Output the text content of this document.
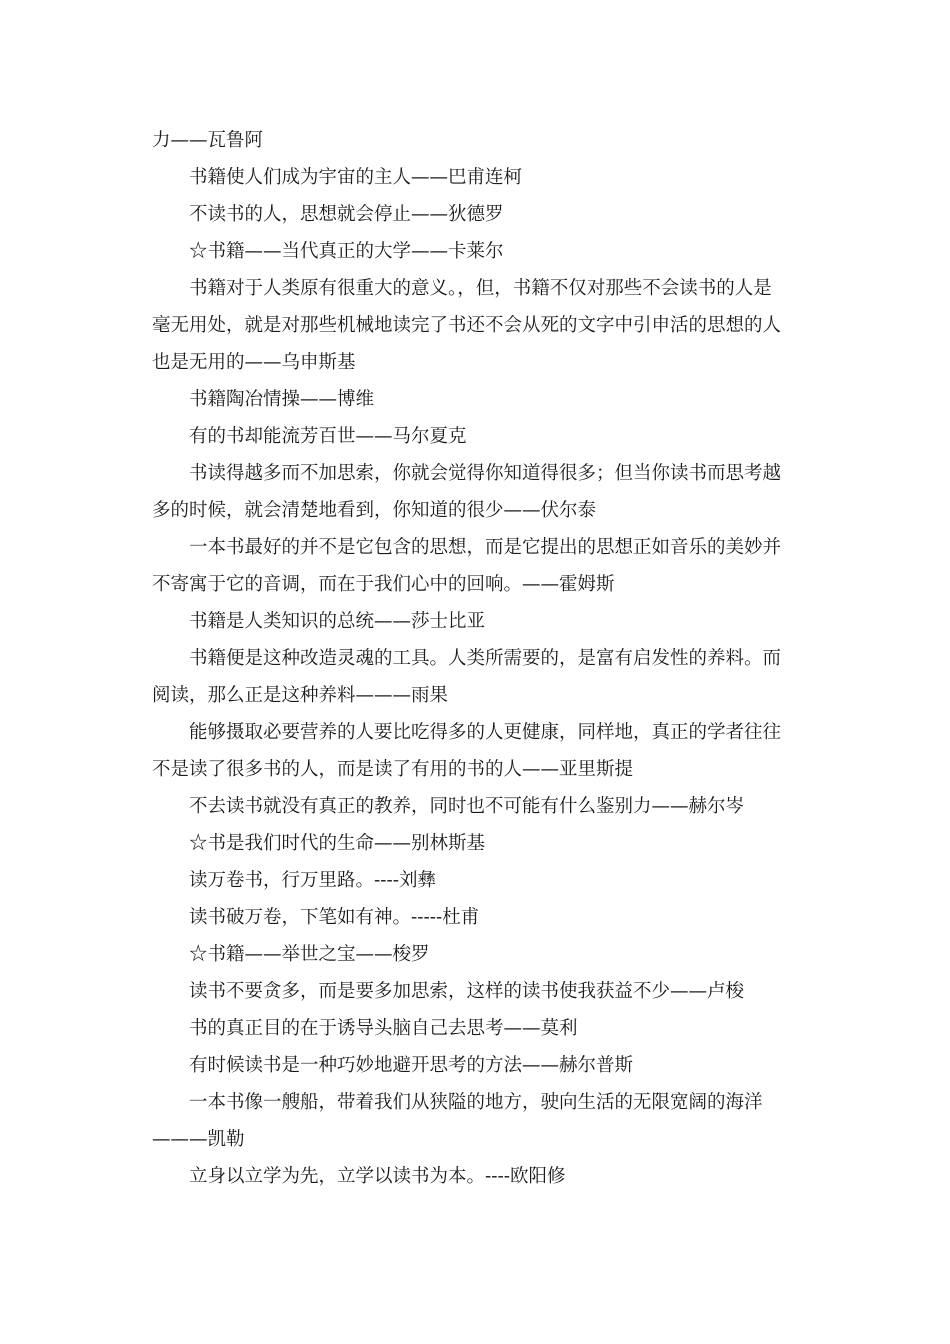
力——瓦鲁阿

书籍使人们成为宇宙的主人——巴甫连柯

不读书的人，思想就会停止——狄德罗

☆书籍——当代真正的大学——卡莱尔

书籍对于人类原有很重大的意义。，但，书籍不仅对那些不会读书的人是毫无用处，就是对那些机械地读完了书还不会从死的文字中引申活的思想的人也是无用的——乌申斯基

书籍陶冶情操——博维

有的书却能流芳百世——马尔夏克

书读得越多而不加思索，你就会觉得你知道得很多；但当你读书而思考越多的时候，就会清楚地看到，你知道的很少——伏尔泰

一本书最好的并不是它包含的思想，而是它提出的思想正如音乐的美妙并不寄寓于它的音调，而在于我们心中的回响。——霍姆斯

书籍是人类知识的总统——莎士比亚

书籍便是这种改造灵魂的工具。人类所需要的，是富有启发性的养料。而阅读，那么正是这种养料———雨果

能够摄取必要营养的人要比吃得多的人更健康，同样地，真正的学者往往不是读了很多书的人，而是读了有用的书的人——亚里斯提

不去读书就没有真正的教养，同时也不可能有什么鉴别力——赫尔岑

☆书是我们时代的生命——别林斯基

读万卷书，行万里路。----刘彝

读书破万卷，下笔如有神。-----杜甫

☆书籍——举世之宝——梭罗

读书不要贪多，而是要多加思索，这样的读书使我获益不少——卢梭

书的真正目的在于诱导头脑自己去思考——莫利

有时候读书是一种巧妙地避开思考的方法——赫尔普斯

一本书像一艘船，带着我们从狭隘的地方，驶向生活的无限宽阔的海洋———凯勒

立身以立学为先，立学以读书为本。----欧阳修
